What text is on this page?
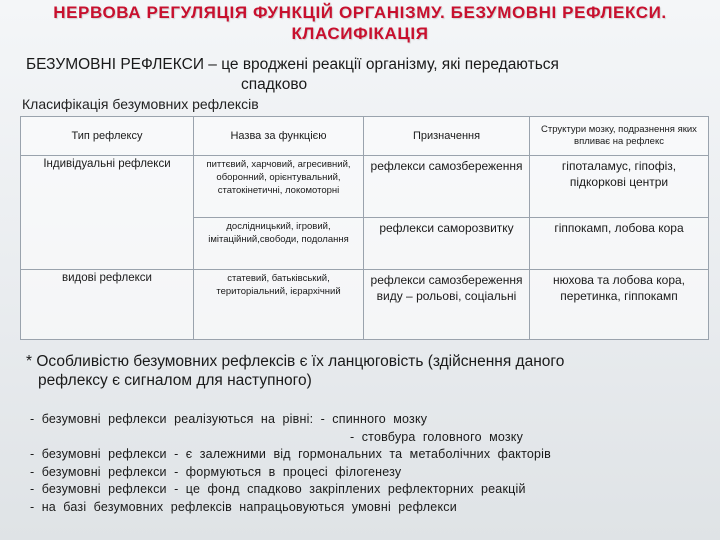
НЕРВОВА РЕГУЛЯЦІЯ ФУНКЦІЙ ОРГАНІЗМУ. БЕЗУМОВНІ РЕФЛЕКСИ.
КЛАСИФІКАЦІЯ
БЕЗУМОВНІ РЕФЛЕКСИ – це вроджені реакції організму, які передаються
спадково
Класифікація безумовних рефлексів
Тип рефлексу	Назва за функцією	Призначення	Структури мозку, подразнення яких впливає на рефлекс
Індивідуальні рефлекси	питтєвий, харчовий, агресивний, оборонний, орієнтувальний, статокінетичні, локомоторні	рефлекси самозбереження	гіпоталамус, гіпофіз, підкоркові центри
	дослідницький, ігровий, імітаційний,свободи, подолання	рефлекси саморозвитку	гіппокамп, лобова кора
видові рефлекси	статевий, батьківський, територіальний, ієрархічний	рефлекси самозбереження виду – рольові, соціальні	нюхова та лобова кора, перетинка, гіппокамп
* Особливістю безумовних рефлексів є їх ланцюговість (здійснення даного
рефлексу є сигналом для наступного)
-  безумовні  рефлекси  реалізуються  на  рівні:  -  спинного  мозку
-  стовбура  головного  мозку
-  безумовні  рефлекси  -  є  залежними  від  гормональних  та  метаболічних  факторів
-  безумовні  рефлекси  -  формуються  в  процесі  філогенезу
-  безумовні  рефлекси  -  це  фонд  спадково  закріплених  рефлекторних  реакцій
-  на  базі  безумовних  рефлексів  напрацьовуються  умовні  рефлекси
